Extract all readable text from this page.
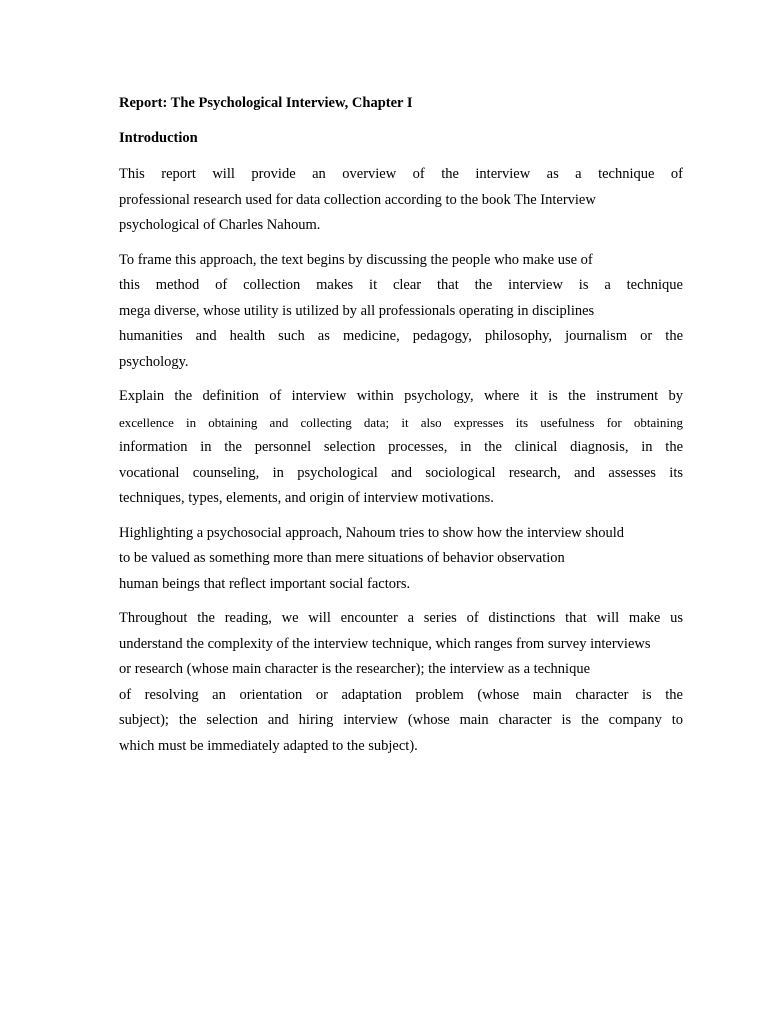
Report: The Psychological Interview, Chapter I
Introduction
This report will provide an overview of the interview as a technique of
professional research used for data collection according to the book The Interview
psychological of Charles Nahoum.
To frame this approach, the text begins by discussing the people who make use of
this method of collection makes it clear that the interview is a technique
mega diverse, whose utility is utilized by all professionals operating in disciplines
humanities and health such as medicine, pedagogy, philosophy, journalism or the
psychology.
Explain the definition of interview within psychology, where it is the instrument by
excellence in obtaining and collecting data; it also expresses its usefulness for obtaining
information in the personnel selection processes, in the clinical diagnosis, in the
vocational counseling, in psychological and sociological research, and assesses its
techniques, types, elements, and origin of interview motivations.
Highlighting a psychosocial approach, Nahoum tries to show how the interview should
to be valued as something more than mere situations of behavior observation
human beings that reflect important social factors.
Throughout the reading, we will encounter a series of distinctions that will make us
understand the complexity of the interview technique, which ranges from survey interviews
or research (whose main character is the researcher); the interview as a technique
of resolving an orientation or adaptation problem (whose main character is the
subject); the selection and hiring interview (whose main character is the company to
which must be immediately adapted to the subject).
